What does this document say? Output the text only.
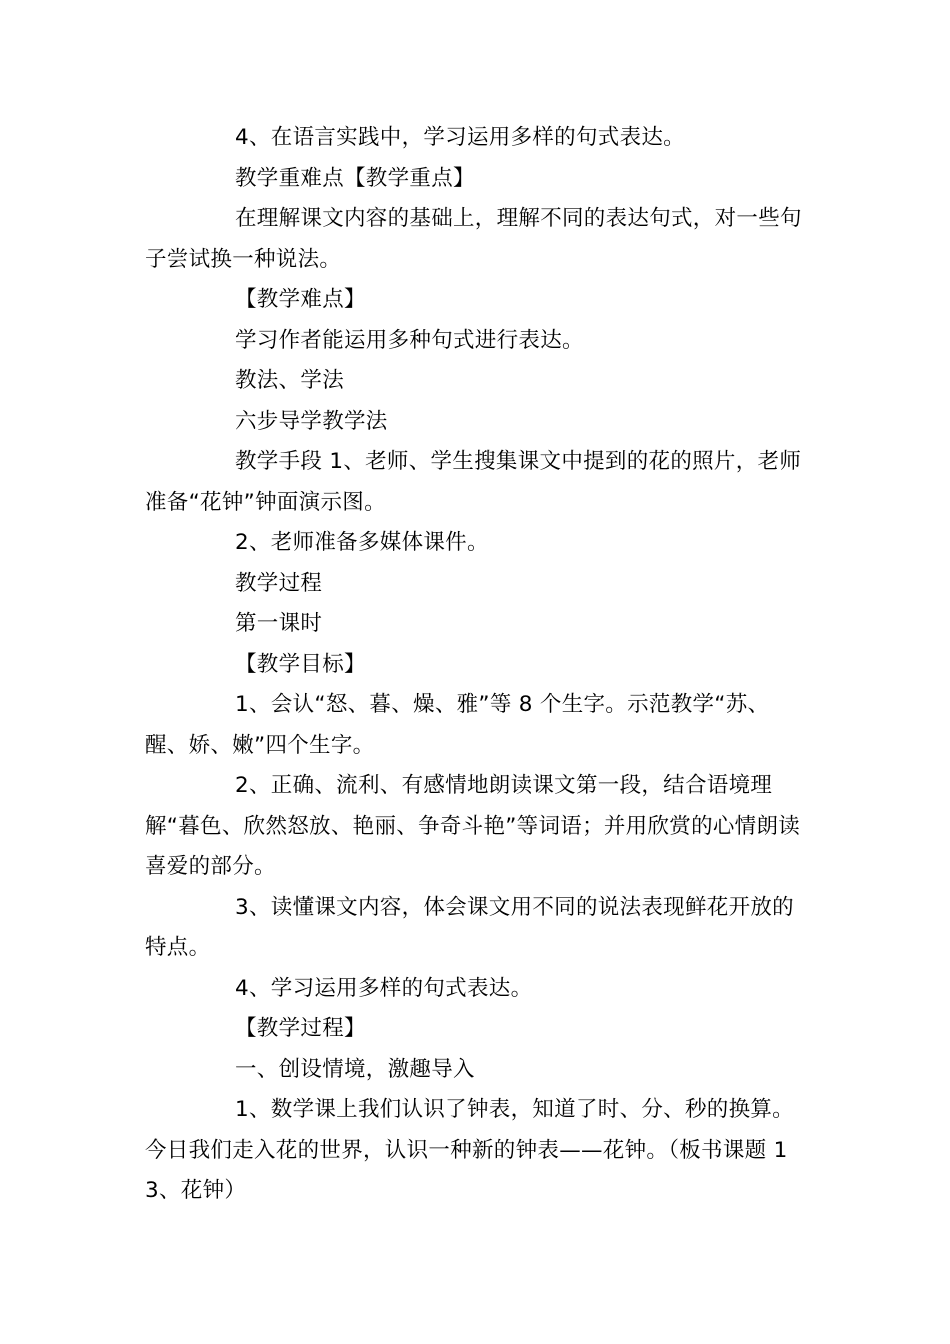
4、在语言实践中，学习运用多样的句式表达。

教学重难点【教学重点】

在理解课文内容的基础上，理解不同的表达句式，对一些句子尝试换一种说法。

【教学难点】

学习作者能运用多种句式进行表达。

教法、学法

六步导学教学法

教学手段 1、老师、学生搜集课文中提到的花的照片，老师准备“花钟”钟面演示图。

2、老师准备多媒体课件。

教学过程

第一课时

【教学目标】

1、会认“怒、暮、燥、雅”等 8 个生字。示范教学“苏、醒、娇、嫩”四个生字。

2、正确、流利、有感情地朗读课文第一段，结合语境理解“暮色、欣然怒放、艳丽、争奇斗艳”等词语；并用欣赏的心情朗读喜爱的部分。

3、读懂课文内容，体会课文用不同的说法表现鲜花开放的特点。

4、学习运用多样的句式表达。

【教学过程】

一、创设情境，激趣导入

1、数学课上我们认识了钟表，知道了时、分、秒的换算。今日我们走入花的世界，认识一种新的钟表——花钟。（板书课题 13、花钟）
